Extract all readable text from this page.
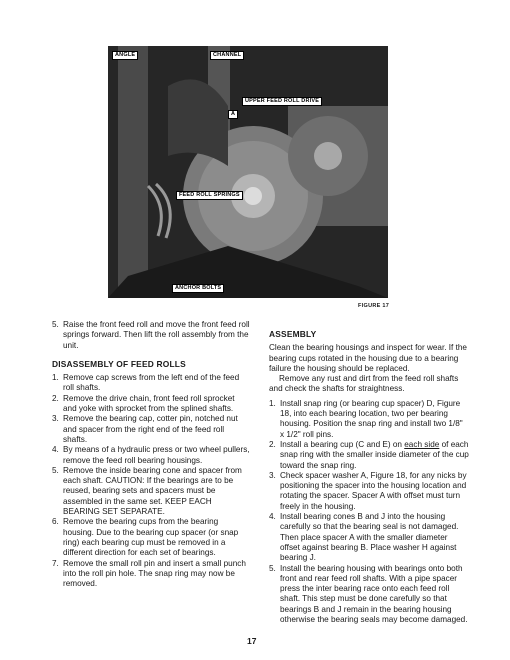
ANGLE	CHANNEL
UPPER FEED ROLL DRIVE
A
FEED ROLL SPRINGS
ANCHOR BOLTS
FIGURE 17
5. Raise the front feed roll and move the front feed roll springs forward. Then lift the roll assembly from the unit.
DISASSEMBLY OF FEED ROLLS
1. Remove cap screws from the left end of the feed roll shafts.
2. Remove the drive chain, front feed roll sprocket and yoke with sprocket from the splined shafts.
3. Remove the bearing cap, cotter pin, notched nut and spacer from the right end of the feed roll shafts.
4. By means of a hydraulic press or two wheel pullers, remove the feed roll bearing housings.
5. Remove the inside bearing cone and spacer from each shaft. CAUTION: If the bearings are to be reused, bearing sets and spacers must be assembled in the same set. KEEP EACH BEARING SET SEPARATE.
6. Remove the bearing cups from the bearing housing. Due to the bearing cup spacer (or snap ring) each bearing cup must be removed in a different direction for each set of bearings.
7. Remove the small roll pin and insert a small punch into the roll pin hole. The snap ring may now be removed.
ASSEMBLY

Clean the bearing housings and inspect for wear. If the bearing cups rotated in the housing due to a bearing failure the housing should be replaced.

Remove any rust and dirt from the feed roll shafts and check the shafts for straightness.

1. Install snap ring (or bearing cup spacer) D, Figure 18, into each bearing location, two per bearing housing. Position the snap ring and install two 1/8" x 1/2" roll pins.
2. Install a bearing cup (C and E) on each side of each snap ring with the smaller inside diameter of the cup toward the snap ring.
3. Check spacer washer A, Figure 18, for any nicks by positioning the spacer into the housing location and rotating the spacer. Spacer A with offset must turn freely in the housing.
4. Install bearing cones B and J into the housing carefully so that the bearing seal is not damaged. Then place spacer A with the smaller diameter offset against bearing B. Place washer H against bearing J.
5. Install the bearing housing with bearings onto both front and rear feed roll shafts. With a pipe spacer press the inter bearing race onto each feed roll shaft. This step must be done carefully so that bearings B and J remain in the bearing housing otherwise the bearing seals may become damaged.
17
